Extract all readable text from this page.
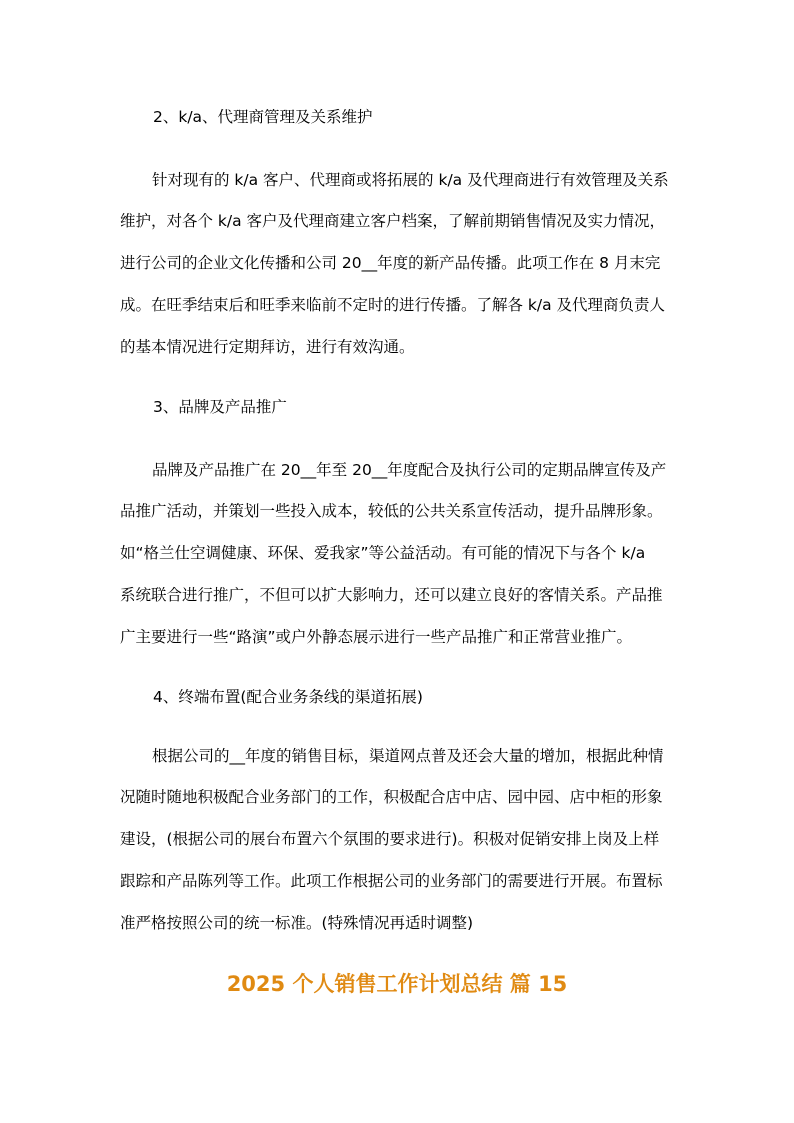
2、k/a、代理商管理及关系维护

针对现有的 k/a 客户、代理商或将拓展的 k/a 及代理商进行有效管理及关系

维护，对各个 k/a 客户及代理商建立客户档案，了解前期销售情况及实力情况，

进行公司的企业文化传播和公司 20__年度的新产品传播。此项工作在 8 月末完

成。在旺季结束后和旺季来临前不定时的进行传播。了解各 k/a 及代理商负责人

的基本情况进行定期拜访，进行有效沟通。

3、品牌及产品推广

品牌及产品推广在 20__年至 20__年度配合及执行公司的定期品牌宣传及产

品推广活动，并策划一些投入成本，较低的公共关系宣传活动，提升品牌形象。

如“格兰仕空调健康、环保、爱我家”等公益活动。有可能的情况下与各个 k/a

系统联合进行推广，不但可以扩大影响力，还可以建立良好的客情关系。产品推

广主要进行一些“路演”或户外静态展示进行一些产品推广和正常营业推广。

4、终端布置(配合业务条线的渠道拓展)

根据公司的__年度的销售目标，渠道网点普及还会大量的增加，根据此种情

况随时随地积极配合业务部门的工作，积极配合店中店、园中园、店中柜的形象

建设，(根据公司的展台布置六个氛围的要求进行)。积极对促销安排上岗及上样

跟踪和产品陈列等工作。此项工作根据公司的业务部门的需要进行开展。布置标

准严格按照公司的统一标准。(特殊情况再适时调整)

2025 个人销售工作计划总结 篇 15
